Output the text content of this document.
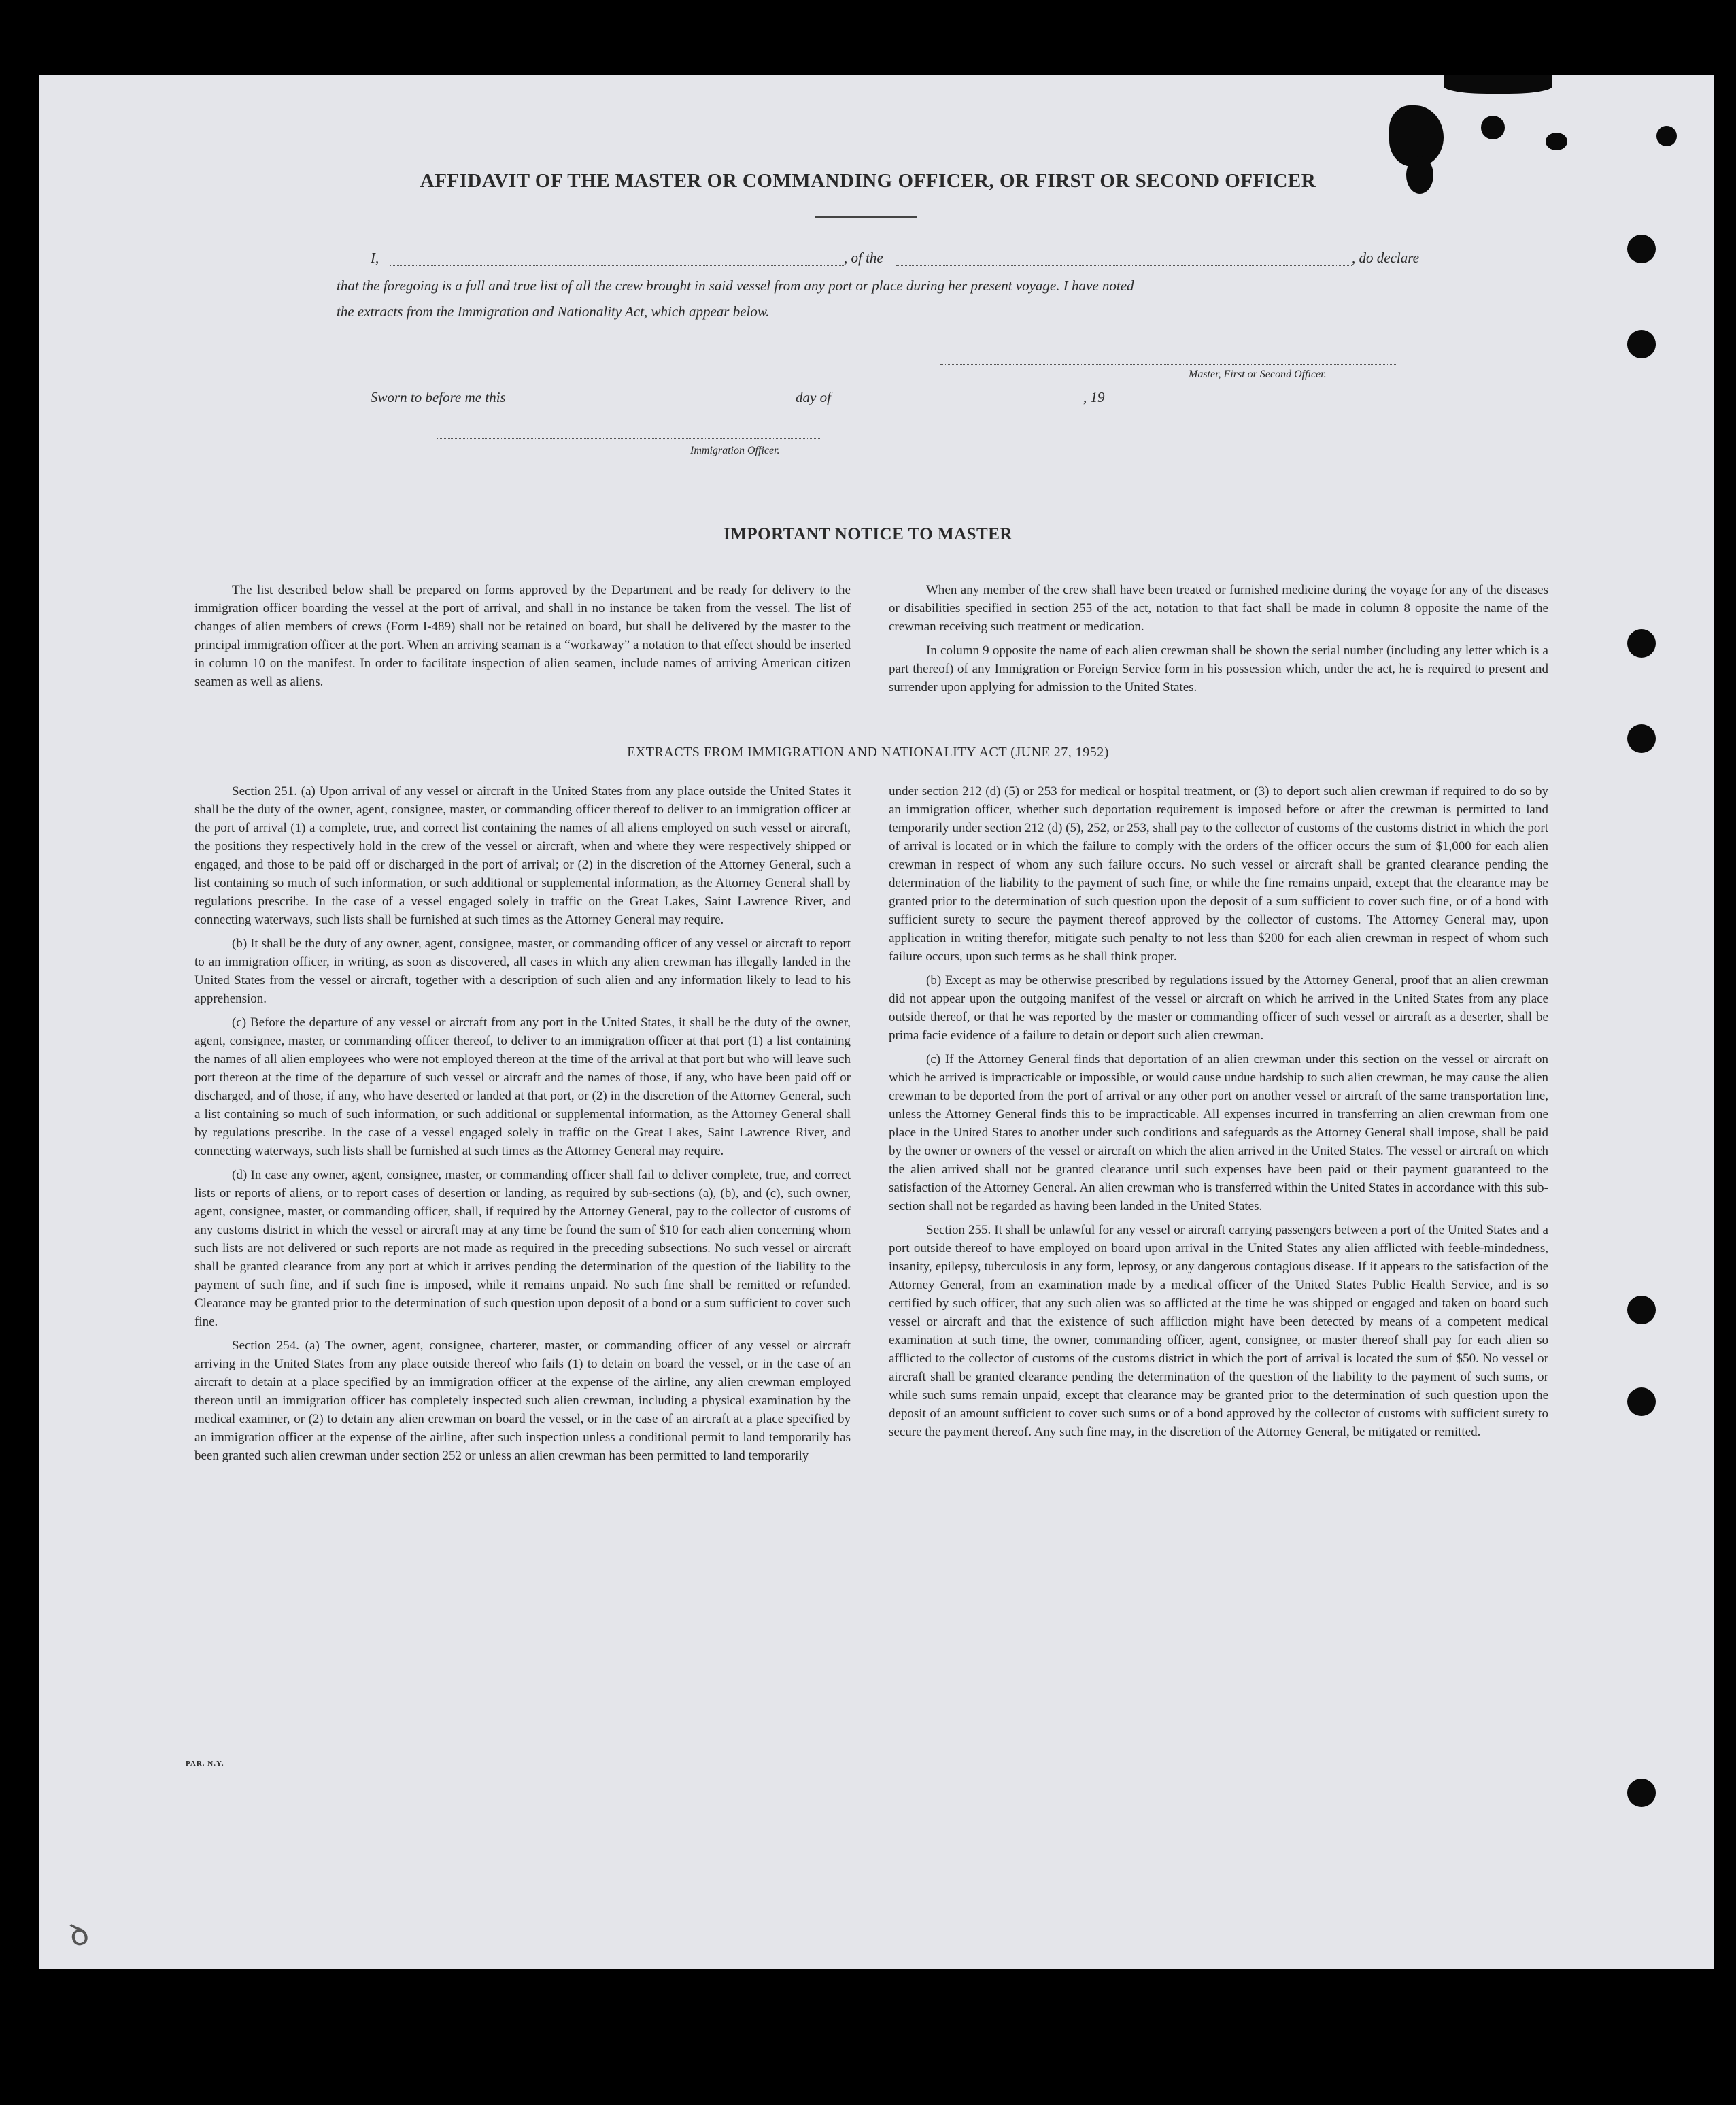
AFFIDAVIT OF THE MASTER OR COMMANDING OFFICER, OR FIRST OR SECOND OFFICER
I,	, of the	, do declare
that the foregoing is a full and true list of all the crew brought in said vessel from any port or place during her present voyage. I have noted
the extracts from the Immigration and Nationality Act, which appear below.
Master, First or Second Officer.
Sworn to before me this	day of	, 19
Immigration Officer.
IMPORTANT NOTICE TO MASTER

The list described below shall be prepared on forms approved by the Department and be ready for delivery to the immigration officer boarding the vessel at the port of arrival, and shall in no instance be taken from the vessel. The list of changes of alien members of crews (Form I-489) shall not be retained on board, but shall be delivered by the master to the principal immigration officer at the port. When an arriving seaman is a “workaway” a notation to that effect should be inserted in column 10 on the manifest. In order to facilitate inspection of alien seamen, include names of arriving American citizen seamen as well as aliens.

When any member of the crew shall have been treated or furnished medicine during the voyage for any of the diseases or disabilities specified in section 255 of the act, notation to that fact shall be made in column 8 opposite the name of the crewman receiving such treatment or medication.

In column 9 opposite the name of each alien crewman shall be shown the serial number (including any letter which is a part thereof) of any Immigration or Foreign Service form in his possession which, under the act, he is required to present and surrender upon applying for admission to the United States.

EXTRACTS FROM IMMIGRATION AND NATIONALITY ACT (JUNE 27, 1952)

Section 251. (a) Upon arrival of any vessel or aircraft in the United States from any place outside the United States it shall be the duty of the owner, agent, consignee, master, or commanding officer thereof to deliver to an immigration officer at the port of arrival (1) a complete, true, and correct list containing the names of all aliens employed on such vessel or aircraft, the positions they respectively hold in the crew of the vessel or aircraft, when and where they were respectively shipped or engaged, and those to be paid off or discharged in the port of arrival; or (2) in the discretion of the Attorney General, such a list containing so much of such information, or such additional or supplemental information, as the Attorney General shall by regulations prescribe. In the case of a vessel engaged solely in traffic on the Great Lakes, Saint Lawrence River, and connecting waterways, such lists shall be furnished at such times as the Attorney General may require.

(b) It shall be the duty of any owner, agent, consignee, master, or commanding officer of any vessel or aircraft to report to an immigration officer, in writing, as soon as discovered, all cases in which any alien crewman has illegally landed in the United States from the vessel or aircraft, together with a description of such alien and any information likely to lead to his apprehension.

(c) Before the departure of any vessel or aircraft from any port in the United States, it shall be the duty of the owner, agent, consignee, master, or commanding officer thereof, to deliver to an immigration officer at that port (1) a list containing the names of all alien employees who were not employed thereon at the time of the arrival at that port but who will leave such port thereon at the time of the departure of such vessel or aircraft and the names of those, if any, who have been paid off or discharged, and of those, if any, who have deserted or landed at that port, or (2) in the discretion of the Attorney General, such a list containing so much of such information, or such additional or supplemental information, as the Attorney General shall by regulations prescribe. In the case of a vessel engaged solely in traffic on the Great Lakes, Saint Lawrence River, and connecting waterways, such lists shall be furnished at such times as the Attorney General may require.

(d) In case any owner, agent, consignee, master, or commanding officer shall fail to deliver complete, true, and correct lists or reports of aliens, or to report cases of desertion or landing, as required by sub-sections (a), (b), and (c), such owner, agent, consignee, master, or commanding officer, shall, if required by the Attorney General, pay to the collector of customs of any customs district in which the vessel or aircraft may at any time be found the sum of $10 for each alien concerning whom such lists are not delivered or such reports are not made as required in the preceding subsections. No such vessel or aircraft shall be granted clearance from any port at which it arrives pending the determination of the question of the liability to the payment of such fine, and if such fine is imposed, while it remains unpaid. No such fine shall be remitted or refunded. Clearance may be granted prior to the determination of such question upon deposit of a bond or a sum sufficient to cover such fine.

Section 254. (a) The owner, agent, consignee, charterer, master, or commanding officer of any vessel or aircraft arriving in the United States from any place outside thereof who fails (1) to detain on board the vessel, or in the case of an aircraft to detain at a place specified by an immigration officer at the expense of the airline, any alien crewman employed thereon until an immigration officer has completely inspected such alien crewman, including a physical examination by the medical examiner, or (2) to detain any alien crewman on board the vessel, or in the case of an aircraft at a place specified by an immigration officer at the expense of the airline, after such inspection unless a conditional permit to land temporarily has been granted such alien crewman under section 252 or unless an alien crewman has been permitted to land temporarily

under section 212 (d) (5) or 253 for medical or hospital treatment, or (3) to deport such alien crewman if required to do so by an immigration officer, whether such deportation requirement is imposed before or after the crewman is permitted to land temporarily under section 212 (d) (5), 252, or 253, shall pay to the collector of customs of the customs district in which the port of arrival is located or in which the failure to comply with the orders of the officer occurs the sum of $1,000 for each alien crewman in respect of whom any such failure occurs. No such vessel or aircraft shall be granted clearance pending the determination of the liability to the payment of such fine, or while the fine remains unpaid, except that the clearance may be granted prior to the determination of such question upon the deposit of a sum sufficient to cover such fine, or of a bond with sufficient surety to secure the payment thereof approved by the collector of customs. The Attorney General may, upon application in writing therefor, mitigate such penalty to not less than $200 for each alien crewman in respect of whom such failure occurs, upon such terms as he shall think proper.

(b) Except as may be otherwise prescribed by regulations issued by the Attorney General, proof that an alien crewman did not appear upon the outgoing manifest of the vessel or aircraft on which he arrived in the United States from any place outside thereof, or that he was reported by the master or commanding officer of such vessel or aircraft as a deserter, shall be prima facie evidence of a failure to detain or deport such alien crewman.

(c) If the Attorney General finds that deportation of an alien crewman under this section on the vessel or aircraft on which he arrived is impracticable or impossible, or would cause undue hardship to such alien crewman, he may cause the alien crewman to be deported from the port of arrival or any other port on another vessel or aircraft of the same transportation line, unless the Attorney General finds this to be impracticable. All expenses incurred in transferring an alien crewman from one place in the United States to another under such conditions and safeguards as the Attorney General shall impose, shall be paid by the owner or owners of the vessel or aircraft on which the alien arrived in the United States. The vessel or aircraft on which the alien arrived shall not be granted clearance until such expenses have been paid or their payment guaranteed to the satisfaction of the Attorney General. An alien crewman who is transferred within the United States in accordance with this sub-section shall not be regarded as having been landed in the United States.

Section 255. It shall be unlawful for any vessel or aircraft carrying passengers between a port of the United States and a port outside thereof to have employed on board upon arrival in the United States any alien afflicted with feeble-mindedness, insanity, epilepsy, tuberculosis in any form, leprosy, or any dangerous contagious disease. If it appears to the satisfaction of the Attorney General, from an examination made by a medical officer of the United States Public Health Service, and is so certified by such officer, that any such alien was so afflicted at the time he was shipped or engaged and taken on board such vessel or aircraft and that the existence of such affliction might have been detected by means of a competent medical examination at such time, the owner, commanding officer, agent, consignee, or master thereof shall pay for each alien so afflicted to the collector of customs of the customs district in which the port of arrival is located the sum of $50. No vessel or aircraft shall be granted clearance pending the determination of the question of the liability to the payment of such sums, or while such sums remain unpaid, except that clearance may be granted prior to the determination of such question upon the deposit of an amount sufficient to cover such sums or of a bond approved by the collector of customs with sufficient surety to secure the payment thereof. Any such fine may, in the discretion of the Attorney General, be mitigated or remitted.

PAR. N.Y.
ꝺ
